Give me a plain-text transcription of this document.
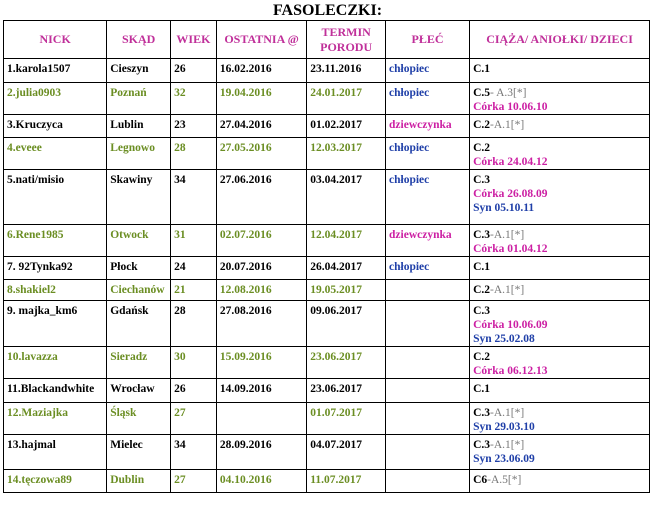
FASOLECZKI:
NICK	SKĄD	WIEK	OSTATNIA @	TERMIN PORODU	PŁEĆ	CIĄŻA/ ANIOŁKI/ DZIECI
1.karola1507	Cieszyn	26	16.02.2016	23.11.2016	chłopiec	C.1

2.julia0903	Poznań	32	19.04.2016	24.01.2017	chłopiec	C.5- A.3[*]
Córka 10.06.10

3.Kruczyca	Lublin	23	27.04.2016	01.02.2017	dziewczynka	C.2-A.1[*]

4.eveee	Legnowo	28	27.05.2016	12.03.2017	chłopiec	C.2
Córka 24.04.12

5.nati/misio	Skawiny	34	27.06.2016	03.04.2017	chłopiec	C.3
Córka 26.08.09
Syn 05.10.11

6.Rene1985	Otwock	31	02.07.2016	12.04.2017	dziewczynka	C.3-A.1[*]
Córka 01.04.12

7. 92Tynka92	Płock	24	20.07.2016	26.04.2017	chłopiec	C.1

8.shakiel2	Ciechanów	21	12.08.2016	19.05.2017		C.2-A.1[*]

9. majka_km6	Gdańsk	28	27.08.2016	09.06.2017		C.3
Córka 10.06.09
Syn 25.02.08

10.lavazza	Sieradz	30	15.09.2016	23.06.2017		C.2
Córka 06.12.13

11.Blackandwhite	Wrocław	26	14.09.2016	23.06.2017		C.1

12.Maziajka	Śląsk	27		01.07.2017		C.3-A.1[*]
Syn 29.03.10

13.hajmal	Mielec	34	28.09.2016	04.07.2017		C.3-A.1[*]
Syn 23.06.09

14.tęczowa89	Dublin	27	04.10.2016	11.07.2017		C6-A.5[*]
